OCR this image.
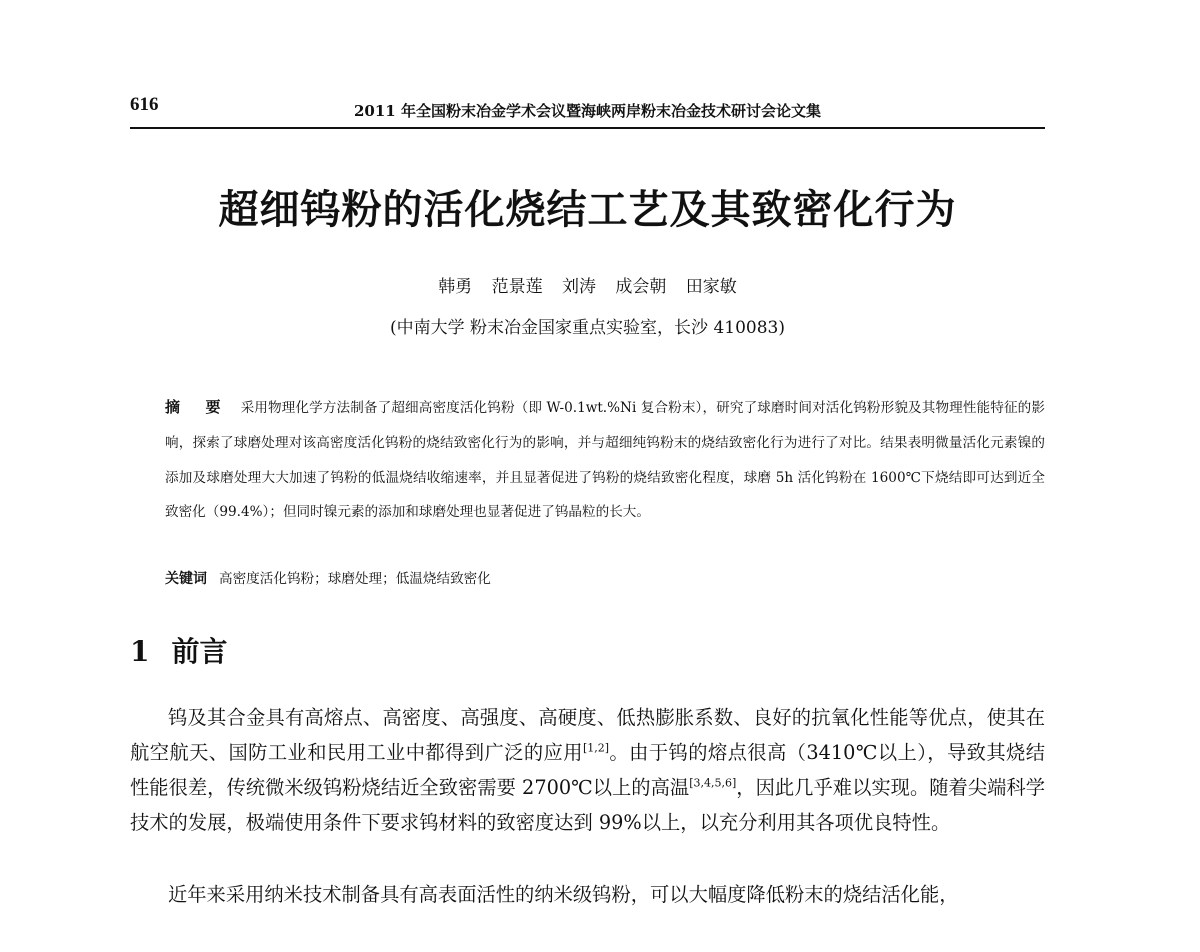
616	2011 年全国粉末冶金学术会议暨海峡两岸粉末冶金技术研讨会论文集
超细钨粉的活化烧结工艺及其致密化行为
韩勇 范景莲 刘涛 成会朝 田家敏
(中南大学 粉末冶金国家重点实验室，长沙 410083)
摘 要 采用物理化学方法制备了超细高密度活化钨粉（即 W-0.1wt.%Ni 复合粉末），研究了球磨时间对活化钨粉形貌及其物理性能特征的影响，探索了球磨处理对该高密度活化钨粉的烧结致密化行为的影响，并与超细纯钨粉末的烧结致密化行为进行了对比。结果表明微量活化元素镍的添加及球磨处理大大加速了钨粉的低温烧结收缩速率，并且显著促进了钨粉的烧结致密化程度，球磨 5h 活化钨粉在 1600℃下烧结即可达到近全致密化（99.4%）；但同时镍元素的添加和球磨处理也显著促进了钨晶粒的长大。
关键词 高密度活化钨粉；球磨处理；低温烧结致密化
1 前言
钨及其合金具有高熔点、高密度、高强度、高硬度、低热膨胀系数、良好的抗氧化性能等优点，使其在航空航天、国防工业和民用工业中都得到广泛的应用[1,2]。由于钨的熔点很高（3410℃以上），导致其烧结性能很差，传统微米级钨粉烧结近全致密需要 2700℃以上的高温[3,4,5,6]，因此几乎难以实现。随着尖端科学技术的发展，极端使用条件下要求钨材料的致密度达到 99%以上，以充分利用其各项优良特性。
近年来采用纳米技术制备具有高表面活性的纳米级钨粉，可以大幅度降低粉末的烧结活化能，
